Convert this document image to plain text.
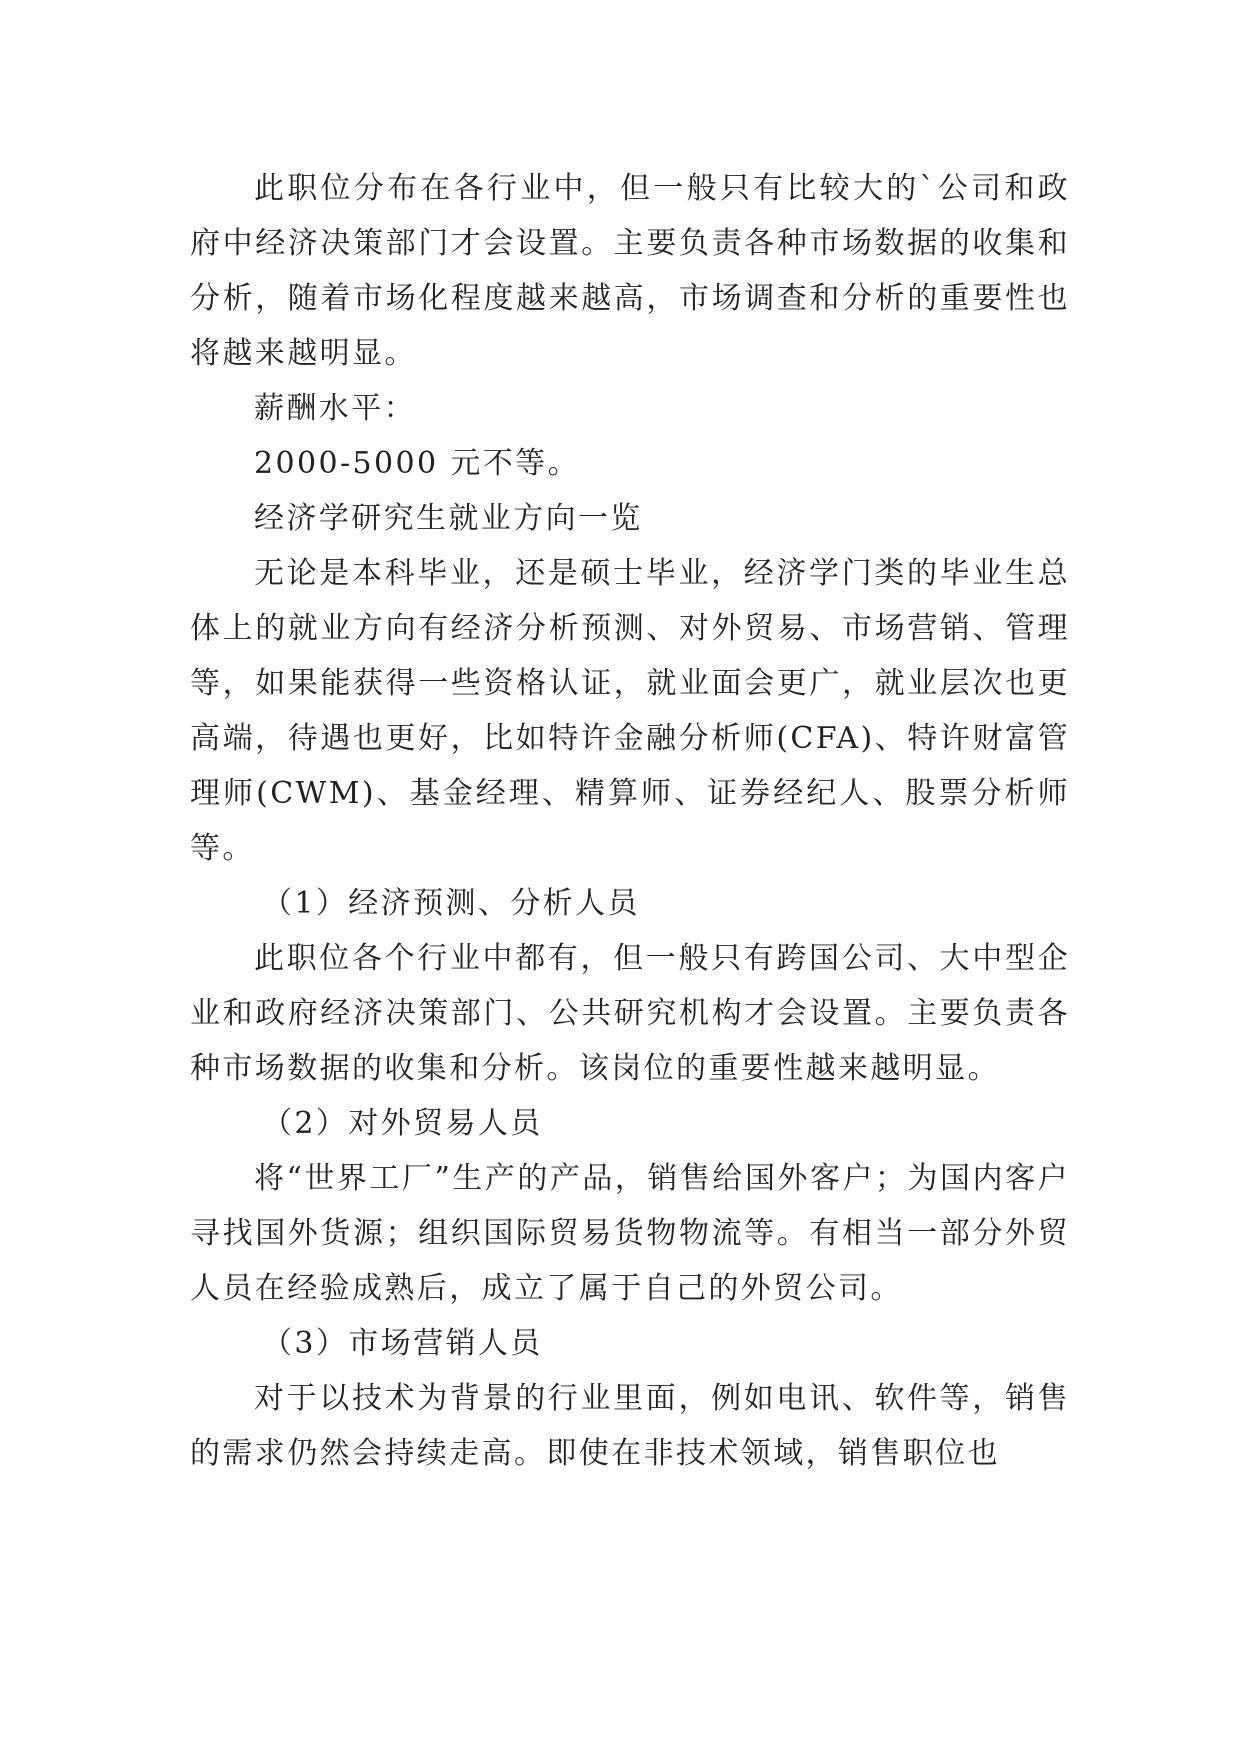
此职位分布在各行业中，但一般只有比较大的`公司和政府中经济决策部门才会设置。主要负责各种市场数据的收集和分析，随着市场化程度越来越高，市场调查和分析的重要性也将越来越明显。

薪酬水平：

2000-5000 元不等。

经济学研究生就业方向一览

无论是本科毕业，还是硕士毕业，经济学门类的毕业生总体上的就业方向有经济分析预测、对外贸易、市场营销、管理等，如果能获得一些资格认证，就业面会更广，就业层次也更高端，待遇也更好，比如特许金融分析师(CFA)、特许财富管理师(CWM)、基金经理、精算师、证券经纪人、股票分析师等。

（1）经济预测、分析人员

此职位各个行业中都有，但一般只有跨国公司、大中型企业和政府经济决策部门、公共研究机构才会设置。主要负责各种市场数据的收集和分析。该岗位的重要性越来越明显。

（2）对外贸易人员

将“世界工厂”生产的产品，销售给国外客户；为国内客户寻找国外货源；组织国际贸易货物物流等。有相当一部分外贸人员在经验成熟后，成立了属于自己的外贸公司。

（3）市场营销人员

对于以技术为背景的行业里面，例如电讯、软件等，销售的需求仍然会持续走高。即使在非技术领域，销售职位也
